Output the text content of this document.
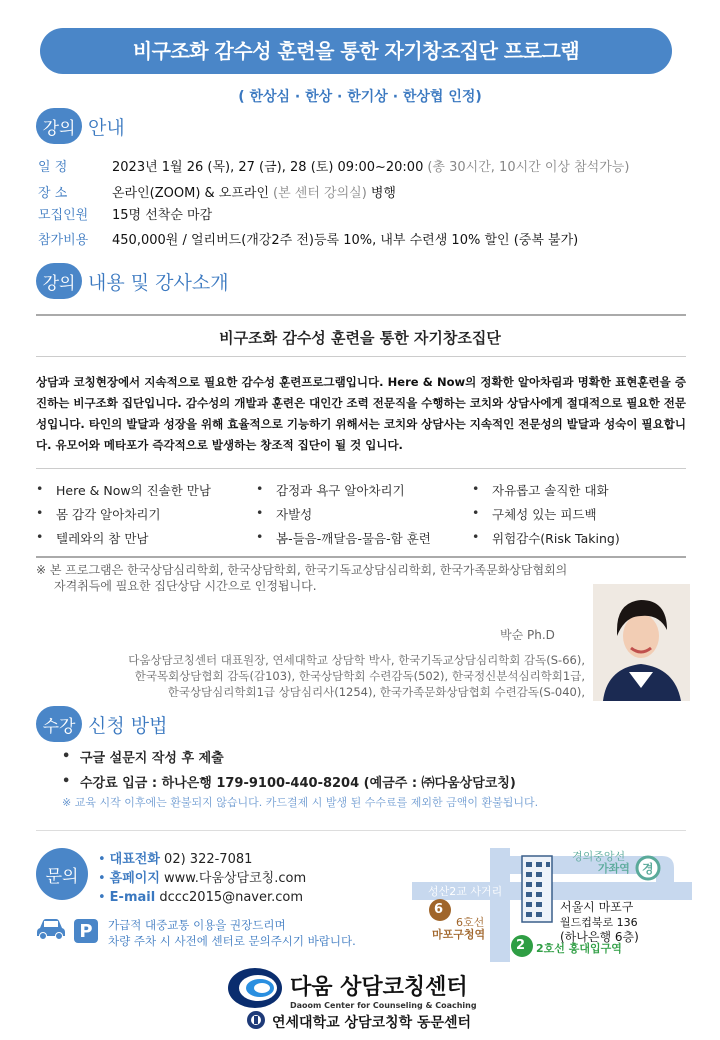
비구조화 감수성 훈련을 통한 자기창조집단 프로그램
( 한상심 · 한상 · 한기상 · 한상협 인정)
강의 안내
일 정	2023년 1월 26 (목), 27 (금), 28 (토) 09:00~20:00 (총 30시간, 10시간 이상 참석가능)
장 소	온라인(ZOOM) & 오프라인 (본 센터 강의실) 병행
모집인원	15명 선착순 마감
참가비용	450,000원 / 얼리버드(개강2주 전)등록 10%, 내부 수련생 10% 할인 (중복 불가)
강의 내용 및 강사소개
비구조화 감수성 훈련을 통한 자기창조집단
상담과 코칭현장에서 지속적으로 필요한 감수성 훈련프로그램입니다. Here & Now의 정확한 알아차림과 명확한 표현훈련을 증진하는 비구조화 집단입니다. 감수성의 개발과 훈련은 대인간 조력 전문직을 수행하는 코치와 상담사에게 절대적으로 필요한 전문성입니다. 타인의 발달과 성장을 위해 효율적으로 기능하기 위해서는 코치와 상담사는 지속적인 전문성의 발달과 성숙이 필요합니다. 유모어와 메타포가 즉각적으로 발생하는 창조적 집단이 될 것 입니다.
•	Here & Now의 진솔한 만남	•	감정과 욕구 알아차리기	•	자유롭고 솔직한 대화
•	몸 감각 알아차리기	•	자발성	•	구체성 있는 피드백
•	텔레와의 참 만남	•	봄-들음-깨달음-물음-함 훈련	•	위험감수(Risk Taking)
※ 본 프로그램은 한국상담심리학회, 한국상담학회, 한국기독교상담심리학회, 한국가족문화상담협회의
자격취득에 필요한 집단상담 시간으로 인정됩니다.
박순 Ph.D
다움상담코칭센터 대표원장, 연세대학교 상담학 박사, 한국기독교상담심리학회 감독(S-66),
한국목회상담협회 감독(감103), 한국상담학회 수련감독(502), 한국정신분석심리학회1급,
한국상담심리학회1급 상담심리사(1254), 한국가족문화상담협회 수련감독(S-040),
수강 신청 방법
• 구글 설문지 작성 후 제출
• 수강료 입금 : 하나은행 179-9100-440-8204 (예금주 : ㈜다움상담코칭)
※ 교육 시작 이후에는 환불되지 않습니다. 카드결제 시 발생 된 수수료를 제외한 금액이 환불됩니다.
문의
• 대표전화 02) 322-7081
• 홈페이지 www.다움상담코칭.com
• E-mail dccc2015@naver.com
P	가급적 대중교통 이용을 권장드리며
차량 주차 시 사전에 센터로 문의주시기 바랍니다.
성산2교 사거리
6
6호선
마포구청역
2 2호선 홍대입구역
경의중앙선
가좌역 경
서울시 마포구
월드컵북로 136
(하나은행 6층)
다움 상담코칭센터
Daoom Center for Counseling & Coaching
연세대학교 상담코칭학 동문센터
